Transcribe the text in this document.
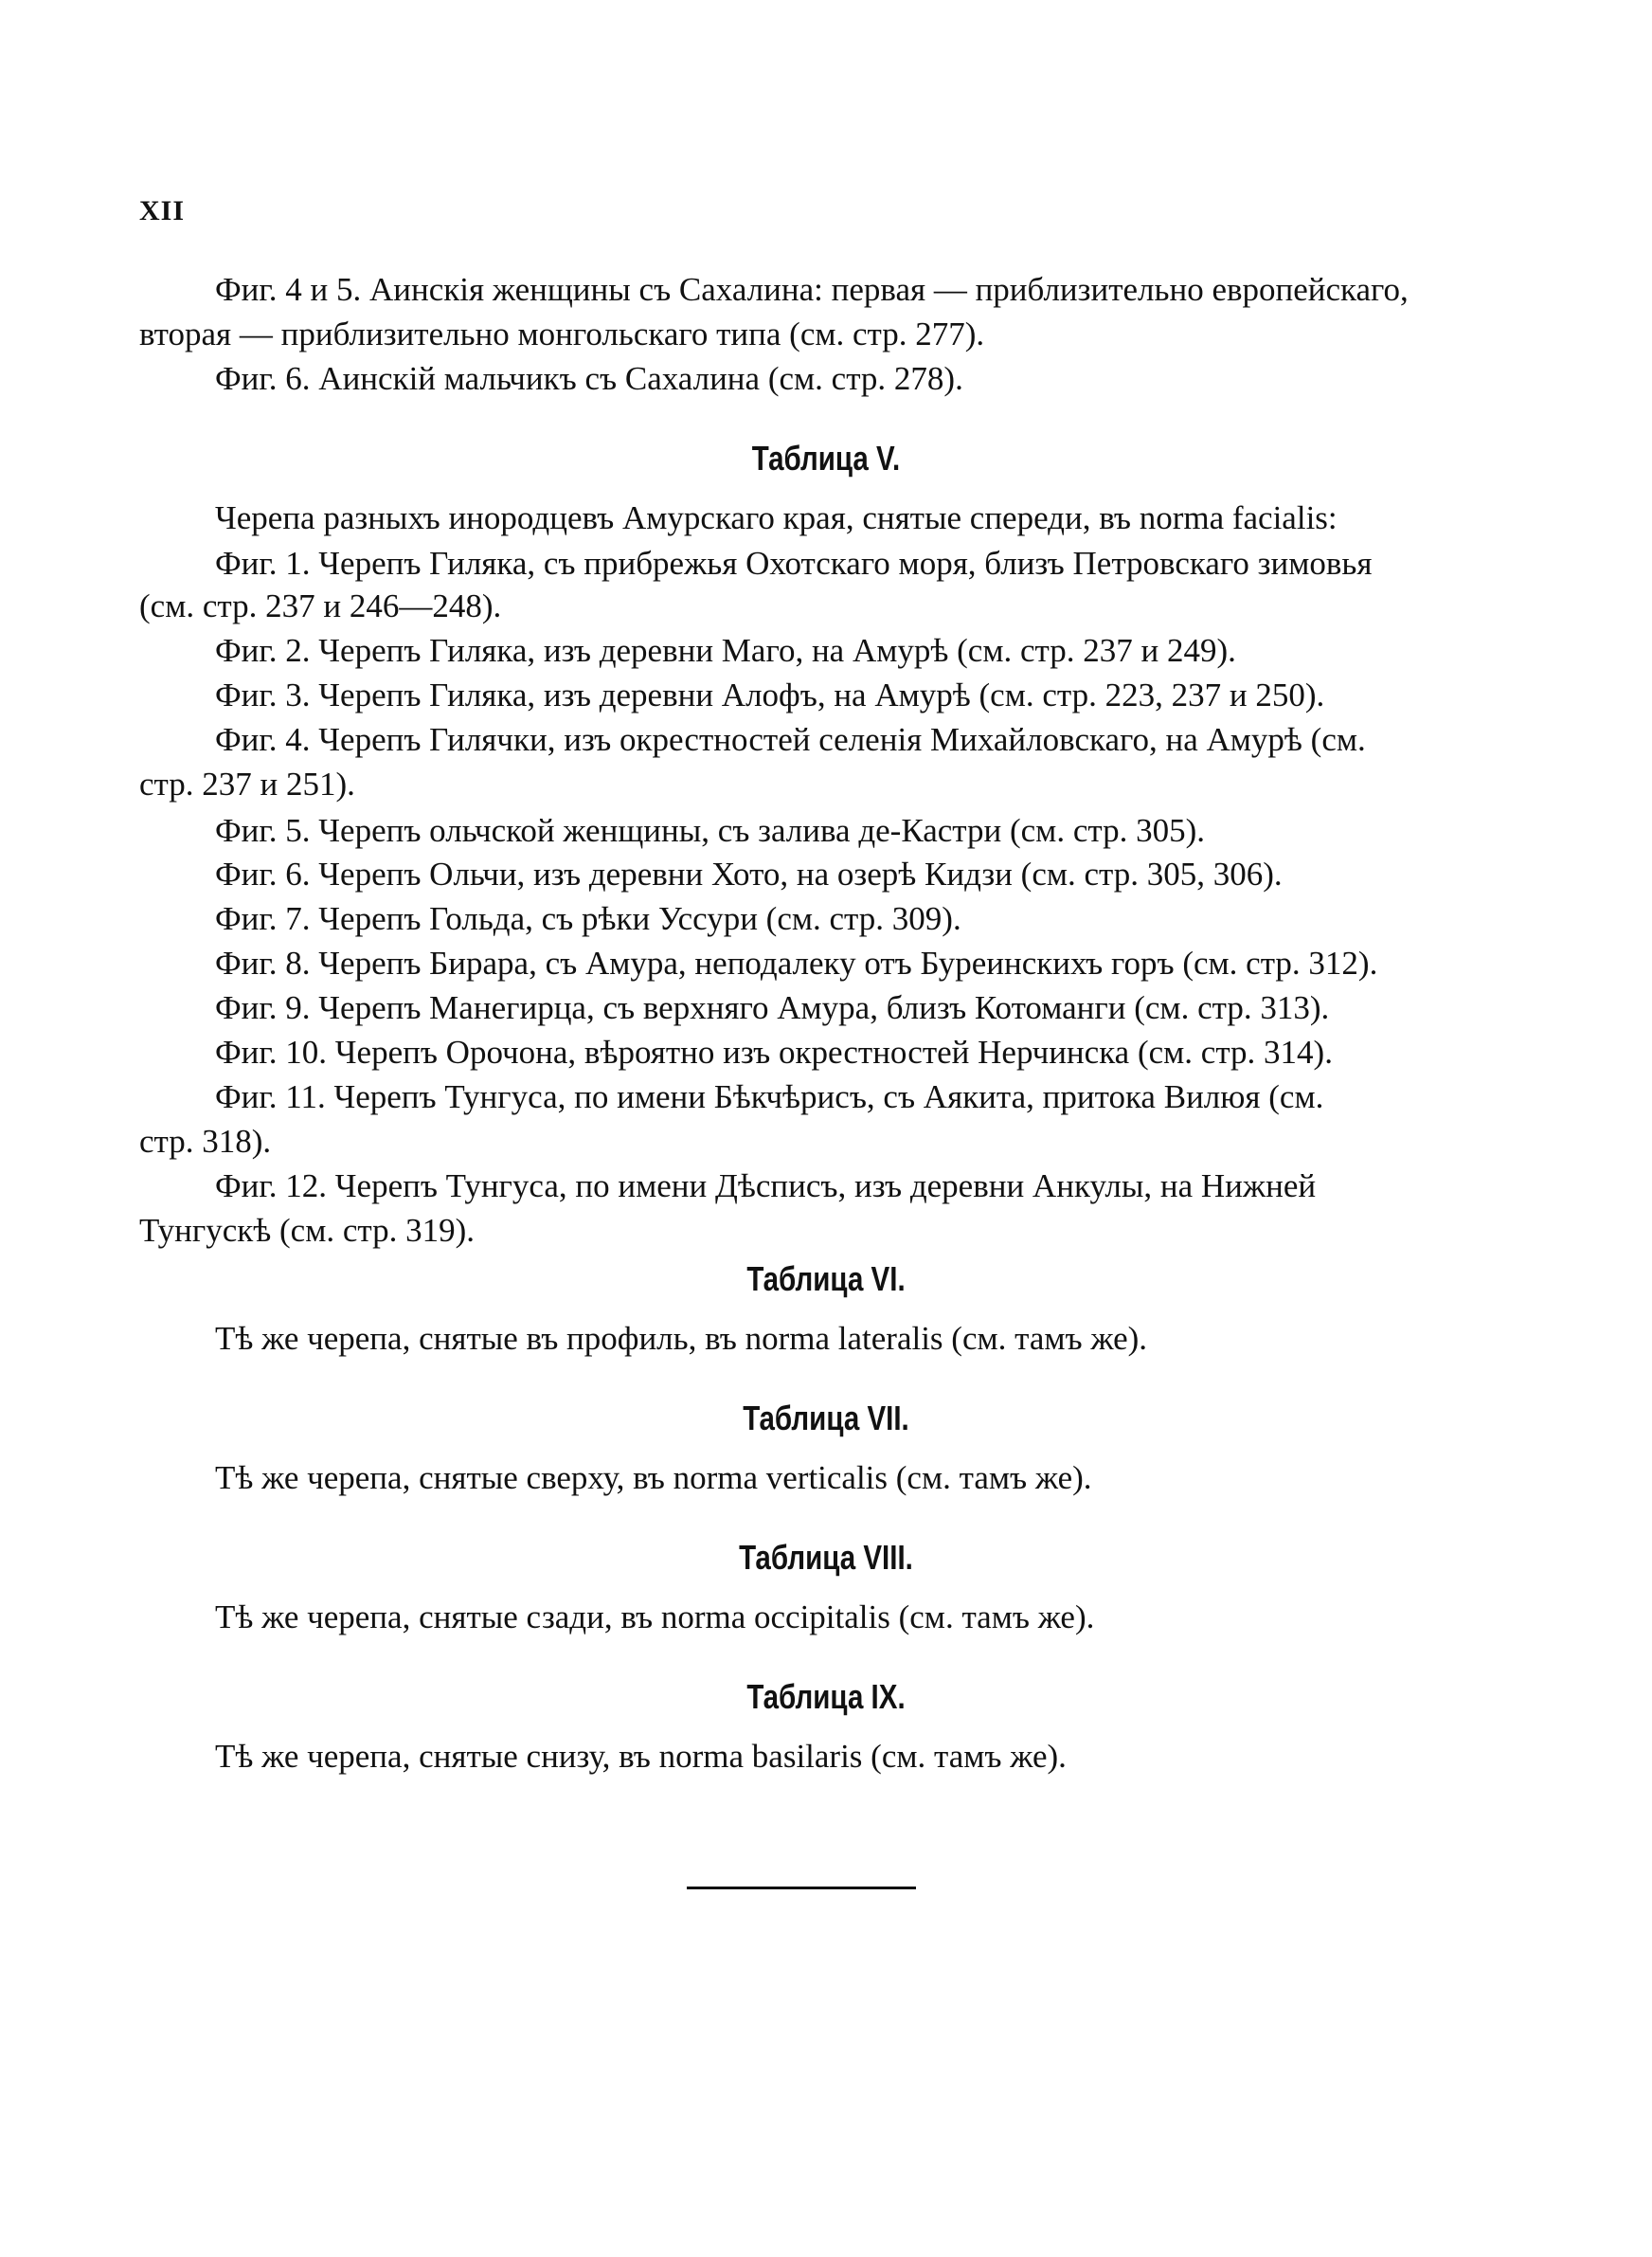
XII
Фиг. 4 и 5. Аинскія женщины съ Сахалина: первая — приблизительно европейскаго,
вторая — приблизительно монгольскаго типа (см. стр. 277).
Фиг. 6. Аинскій мальчикъ съ Сахалина (см. стр. 278).
Таблица V.
Черепа разныхъ инородцевъ Амурскаго края, снятые спереди, въ norma facialis:
Фиг. 1. Черепъ Гиляка, съ прибрежья Охотскаго моря, близъ Петровскаго зимовья
(см. стр. 237 и 246—248).
Фиг. 2. Черепъ Гиляка, изъ деревни Маго, на Амурѣ (см. стр. 237 и 249).
Фиг. 3. Черепъ Гиляка, изъ деревни Алофъ, на Амурѣ (см. стр. 223, 237 и 250).
Фиг. 4. Черепъ Гилячки, изъ окрестностей селенія Михайловскаго, на Амурѣ (см.
стр. 237 и 251).
Фиг. 5. Черепъ ольчской женщины, съ залива де-Кастри (см. стр. 305).
Фиг. 6. Черепъ Ольчи, изъ деревни Хото, на озерѣ Кидзи (см. стр. 305, 306).
Фиг. 7. Черепъ Гольда, съ рѣки Уссури (см. стр. 309).
Фиг. 8. Черепъ Бирара, съ Амура, неподалеку отъ Буреинскихъ горъ (см. стр. 312).
Фиг. 9. Черепъ Манегирца, съ верхняго Амура, близъ Котоманги (см. стр. 313).
Фиг. 10. Черепъ Орочона, вѣроятно изъ окрестностей Нерчинска (см. стр. 314).
Фиг. 11. Черепъ Тунгуса, по имени Бѣкчѣрисъ, съ Аякита, притока Вилюя (см.
стр. 318).
Фиг. 12. Черепъ Тунгуса, по имени Дѣсписъ, изъ деревни Анкулы, на Нижней
Тунгускѣ (см. стр. 319).
Таблица VI.
Тѣ же черепа, снятые въ профиль, въ norma lateralis (см. тамъ же).
Таблица VII.
Тѣ же черепа, снятые сверху, въ norma verticalis (см. тамъ же).
Таблица VIII.
Тѣ же черепа, снятые сзади, въ norma occipitalis (см. тамъ же).
Таблица IX.
Тѣ же черепа, снятые снизу, въ norma basilaris (см. тамъ же).
